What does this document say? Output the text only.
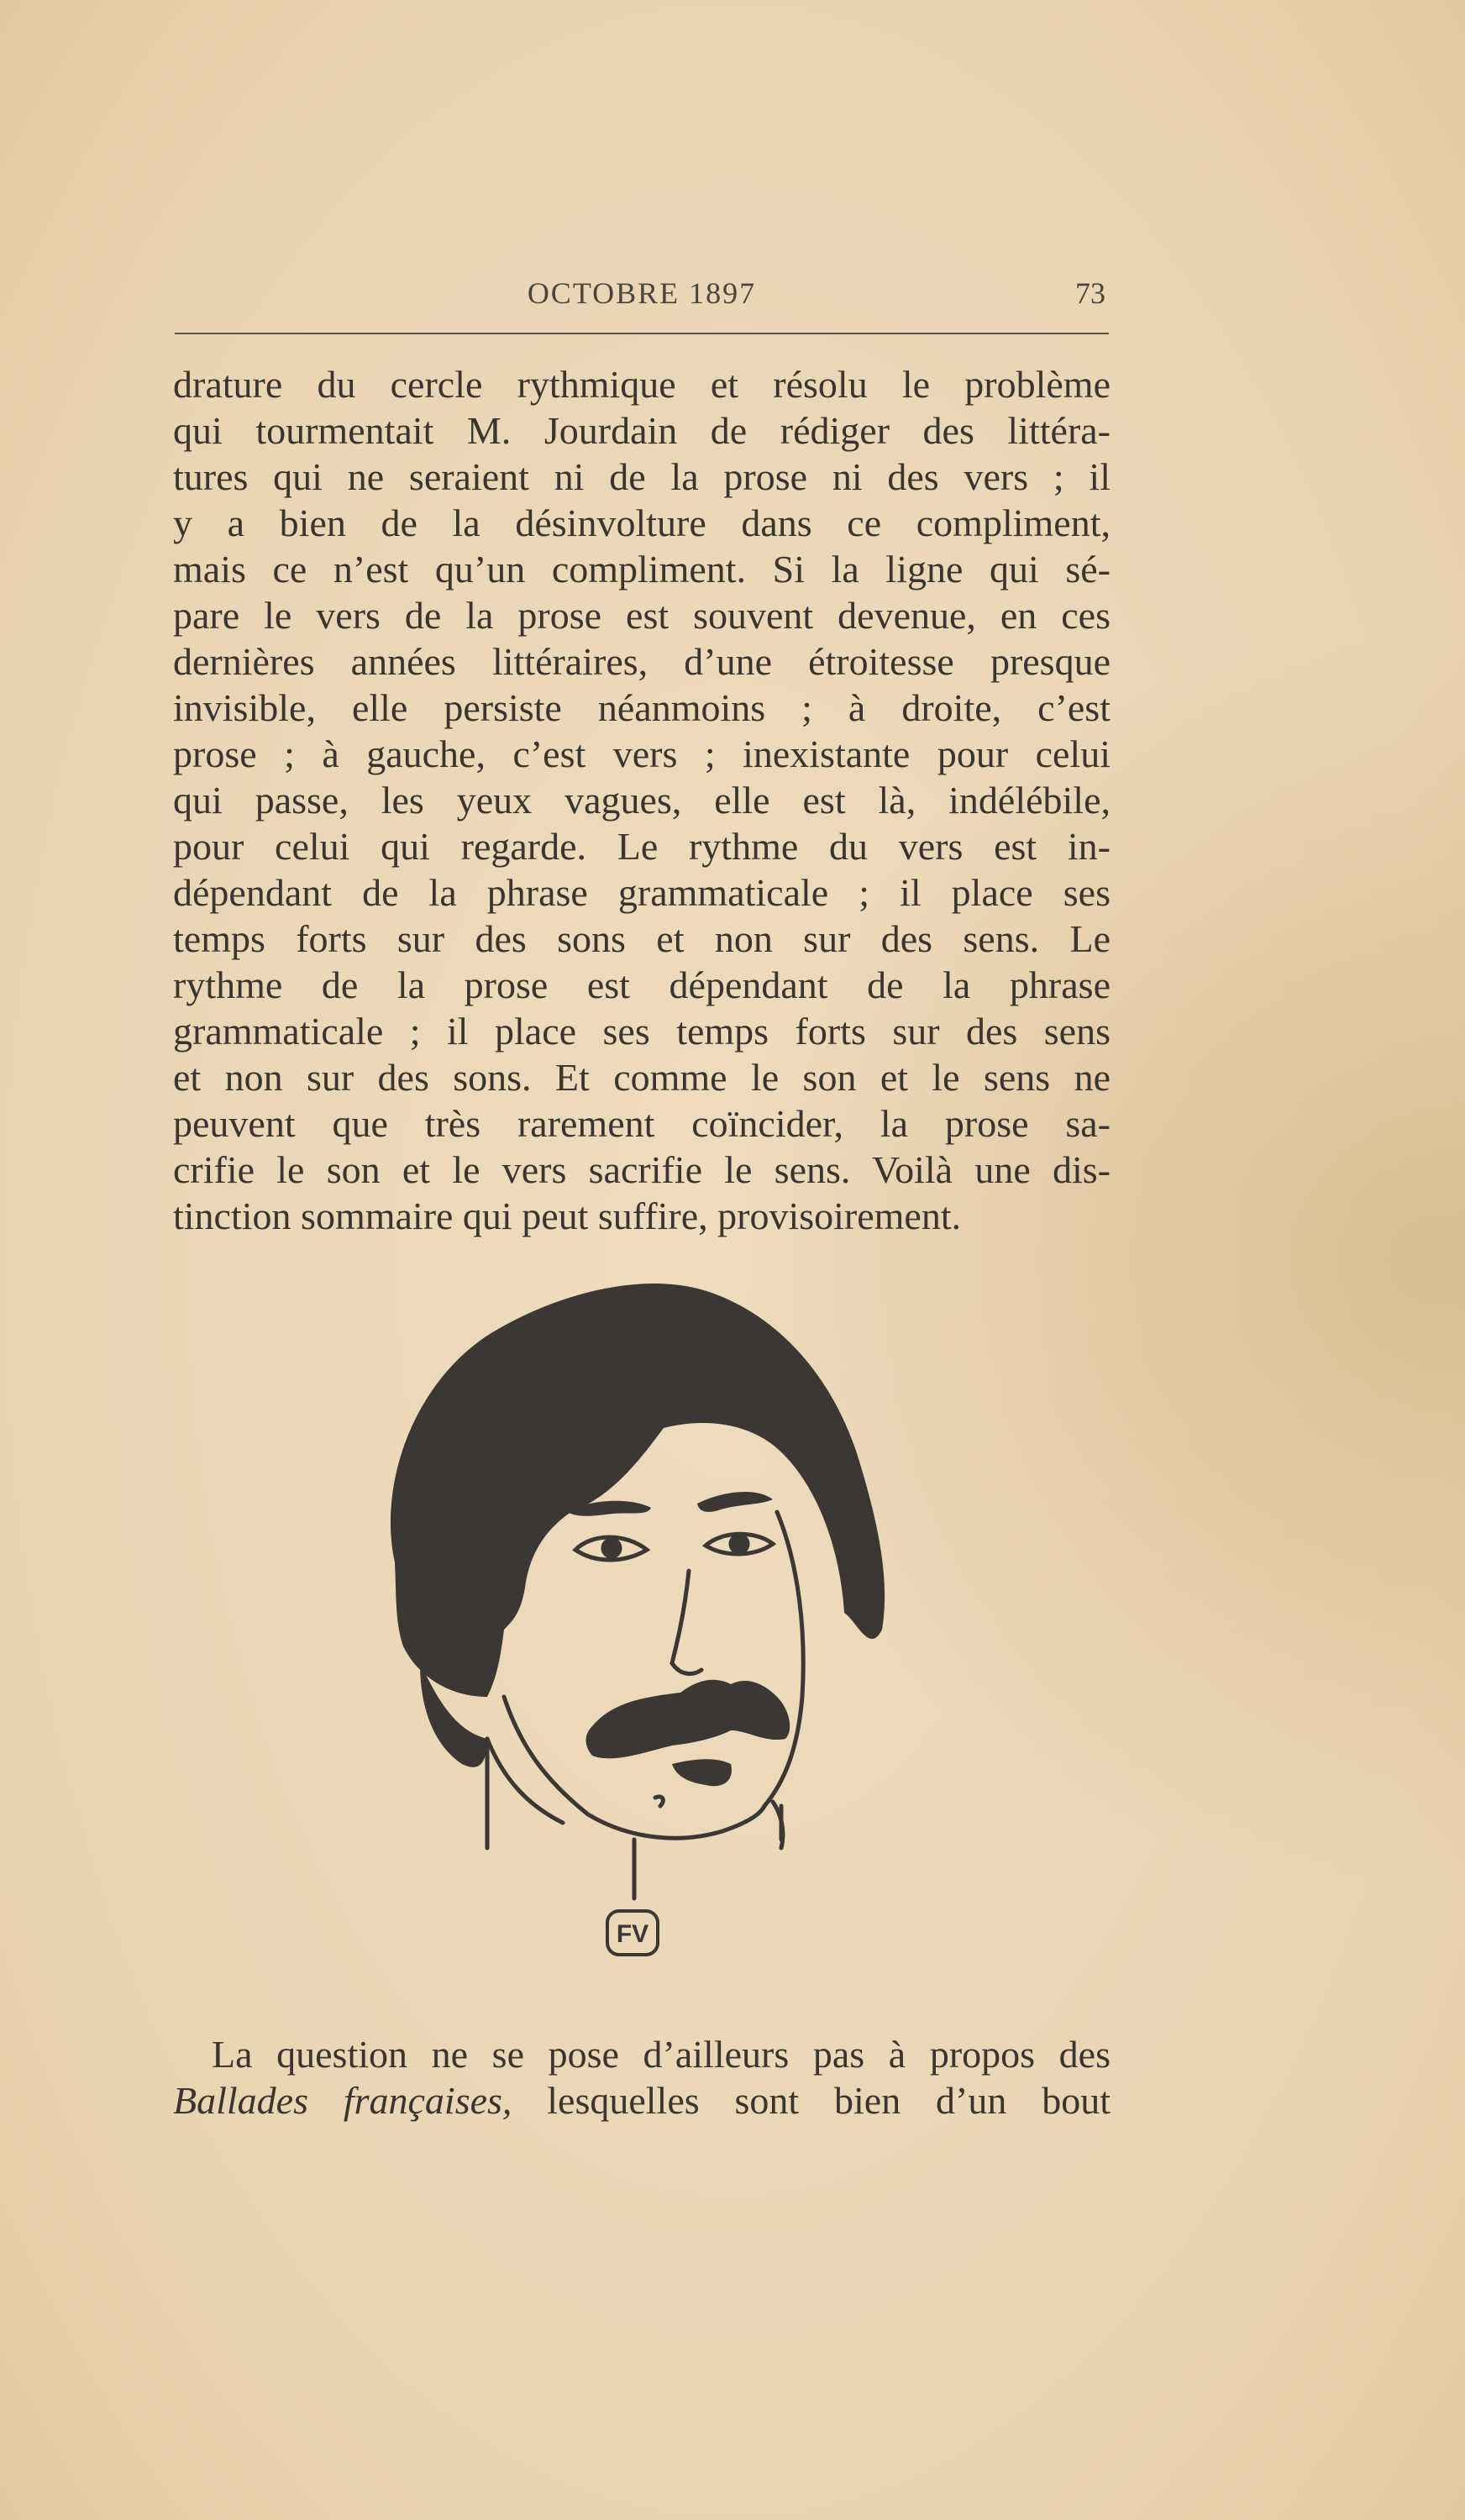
OCTOBRE 1897	73
drature du cercle rythmique et résolu le problème
qui tourmentait M. Jourdain de rédiger des littéra-
tures qui ne seraient ni de la prose ni des vers ; il
y a bien de la désinvolture dans ce compliment,
mais ce n’est qu’un compliment. Si la ligne qui sé-
pare le vers de la prose est souvent devenue, en ces
dernières années littéraires, d’une étroitesse presque
invisible, elle persiste néanmoins ; à droite, c’est
prose ; à gauche, c’est vers ; inexistante pour celui
qui passe, les yeux vagues, elle est là, indélébile,
pour celui qui regarde. Le rythme du vers est in-
dépendant de la phrase grammaticale ; il place ses
temps forts sur des sons et non sur des sens. Le
rythme de la prose est dépendant de la phrase
grammaticale ; il place ses temps forts sur des sens
et non sur des sons. Et comme le son et le sens ne
peuvent que très rarement coïncider, la prose sa-
crifie le son et le vers sacrifie le sens. Voilà une dis-
tinction sommaire qui peut suffire, provisoirement.
FV
La question ne se pose d’ailleurs pas à propos des
Ballades françaises, lesquelles sont bien d’un bout
